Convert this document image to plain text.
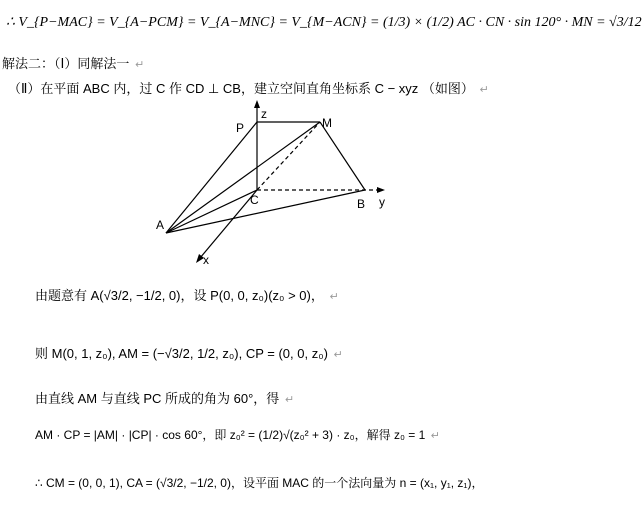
∴ V_{P−MAC} = V_{A−PCM} = V_{A−MNC} = V_{M−ACN} = (1/3) × (1/2) AC · CN · sin 120° · MN = √3/12
解法二：（Ⅰ）同解法一 ↵
（Ⅱ）在平面 ABC 内，过 C 作 CD ⊥ CB，建立空间直角坐标系 C − xyz （如图） ↵
P
z
M
C	B y
A
x
由题意有 A(√3/2, −1/2, 0)，设 P(0, 0, z₀)(z₀ > 0)， ↵
则 M(0, 1, z₀), AM = (−√3/2, 1/2, z₀), CP = (0, 0, z₀) ↵
由直线 AM 与直线 PC 所成的角为 60°，得 ↵
AM · CP = |AM| · |CP| · cos 60°，即 z₀² = (1/2)√(z₀² + 3) · z₀，解得 z₀ = 1 ↵
∴ CM = (0, 0, 1), CA = (√3/2, −1/2, 0)，设平面 MAC 的一个法向量为 n = (x₁, y₁, z₁)，
